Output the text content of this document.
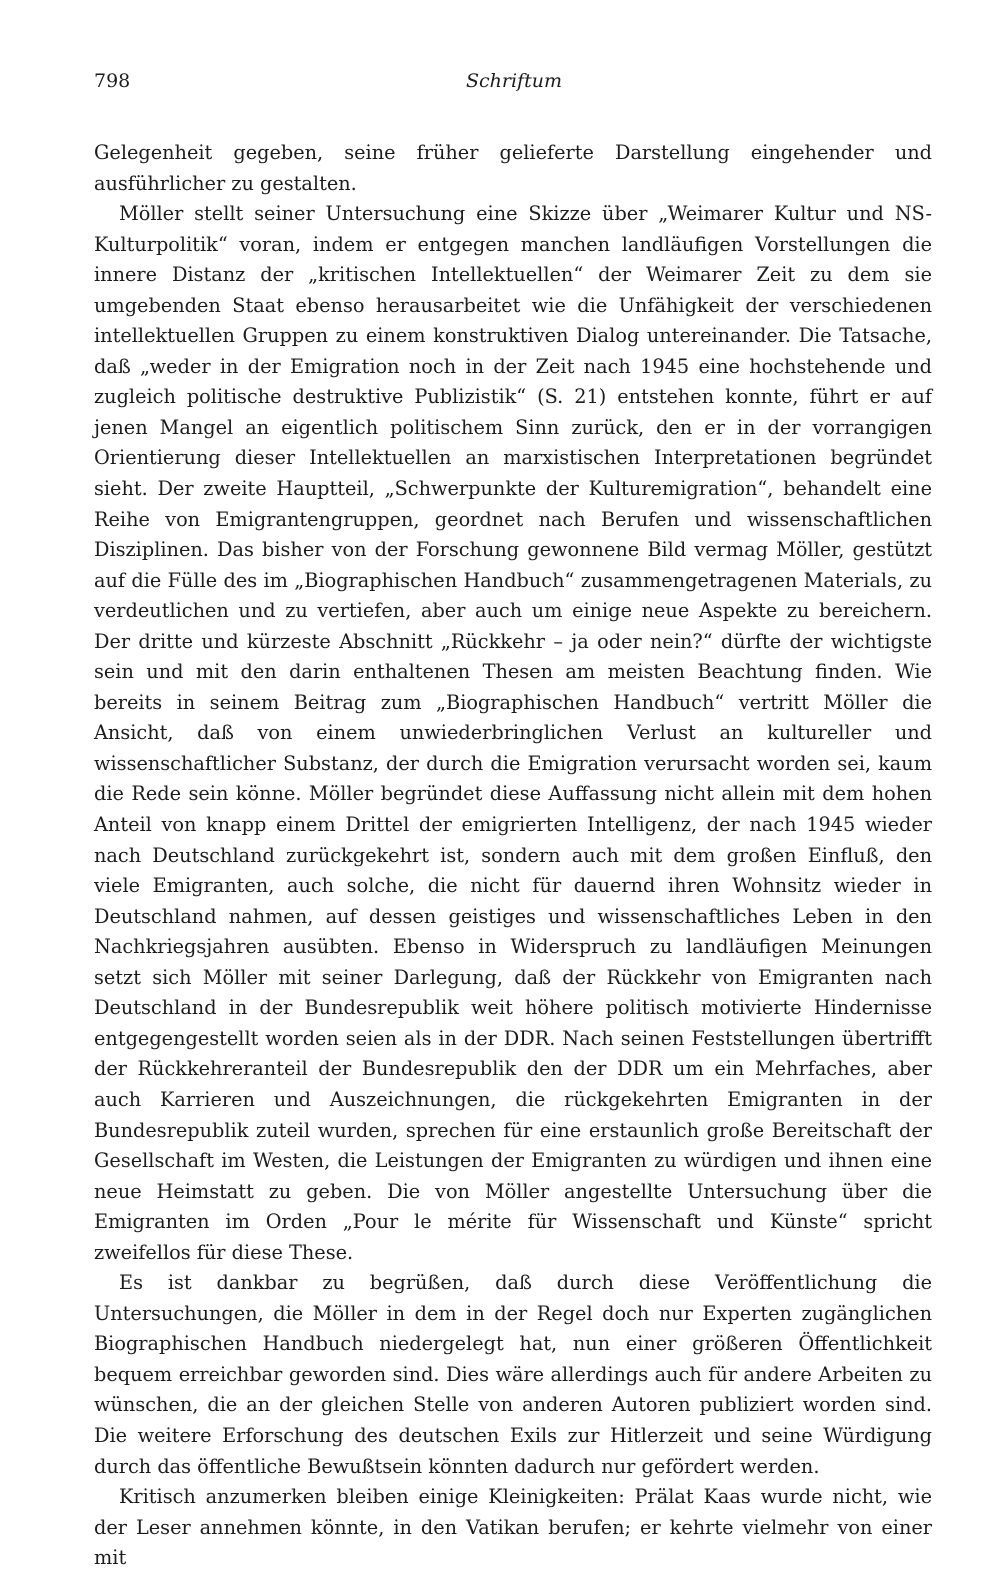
798	Schriftum

Gelegenheit gegeben, seine früher gelieferte Darstellung eingehender und ausführlicher zu gestalten.

Möller stellt seiner Untersuchung eine Skizze über „Weimarer Kultur und NS-Kulturpolitik“ voran, indem er entgegen manchen landläufigen Vorstellungen die innere Distanz der „kritischen Intellektuellen“ der Weimarer Zeit zu dem sie umgebenden Staat ebenso herausarbeitet wie die Unfähigkeit der verschiedenen intellektuellen Gruppen zu einem konstruktiven Dialog untereinander. Die Tatsache, daß „weder in der Emigration noch in der Zeit nach 1945 eine hochstehende und zugleich politische destruktive Publizistik“ (S. 21) entstehen konnte, führt er auf jenen Mangel an eigentlich politischem Sinn zurück, den er in der vorrangigen Orientierung dieser Intellektuellen an marxistischen Interpretationen begründet sieht. Der zweite Hauptteil, „Schwerpunkte der Kulturemigration“, behandelt eine Reihe von Emigrantengruppen, geordnet nach Berufen und wissenschaftlichen Disziplinen. Das bisher von der Forschung gewonnene Bild vermag Möller, gestützt auf die Fülle des im „Biographischen Handbuch“ zusammengetragenen Materials, zu verdeutlichen und zu vertiefen, aber auch um einige neue Aspekte zu bereichern. Der dritte und kürzeste Abschnitt „Rückkehr – ja oder nein?“ dürfte der wichtigste sein und mit den darin enthaltenen Thesen am meisten Beachtung finden. Wie bereits in seinem Beitrag zum „Biographischen Handbuch“ vertritt Möller die Ansicht, daß von einem unwiederbringlichen Verlust an kultureller und wissenschaftlicher Substanz, der durch die Emigration verursacht worden sei, kaum die Rede sein könne. Möller begründet diese Auffassung nicht allein mit dem hohen Anteil von knapp einem Drittel der emigrierten Intelligenz, der nach 1945 wieder nach Deutschland zurückgekehrt ist, sondern auch mit dem großen Einfluß, den viele Emigranten, auch solche, die nicht für dauernd ihren Wohnsitz wieder in Deutschland nahmen, auf dessen geistiges und wissenschaftliches Leben in den Nachkriegsjahren ausübten. Ebenso in Widerspruch zu landläufigen Meinungen setzt sich Möller mit seiner Darlegung, daß der Rückkehr von Emigranten nach Deutschland in der Bundesrepublik weit höhere politisch motivierte Hindernisse entgegengestellt worden seien als in der DDR. Nach seinen Feststellungen übertrifft der Rückkehreranteil der Bundesrepublik den der DDR um ein Mehrfaches, aber auch Karrieren und Auszeichnungen, die rückgekehrten Emigranten in der Bundesrepublik zuteil wurden, sprechen für eine erstaunlich große Bereitschaft der Gesellschaft im Westen, die Leistungen der Emigranten zu würdigen und ihnen eine neue Heimstatt zu geben. Die von Möller angestellte Untersuchung über die Emigranten im Orden „Pour le mérite für Wissenschaft und Künste“ spricht zweifellos für diese These.

Es ist dankbar zu begrüßen, daß durch diese Veröffentlichung die Untersuchungen, die Möller in dem in der Regel doch nur Experten zugänglichen Biographischen Handbuch niedergelegt hat, nun einer größeren Öffentlichkeit bequem erreichbar geworden sind. Dies wäre allerdings auch für andere Arbeiten zu wünschen, die an der gleichen Stelle von anderen Autoren publiziert worden sind. Die weitere Erforschung des deutschen Exils zur Hitlerzeit und seine Würdigung durch das öffentliche Bewußtsein könnten dadurch nur gefördert werden.

Kritisch anzumerken bleiben einige Kleinigkeiten: Prälat Kaas wurde nicht, wie der Leser annehmen könnte, in den Vatikan berufen; er kehrte vielmehr von einer mit
